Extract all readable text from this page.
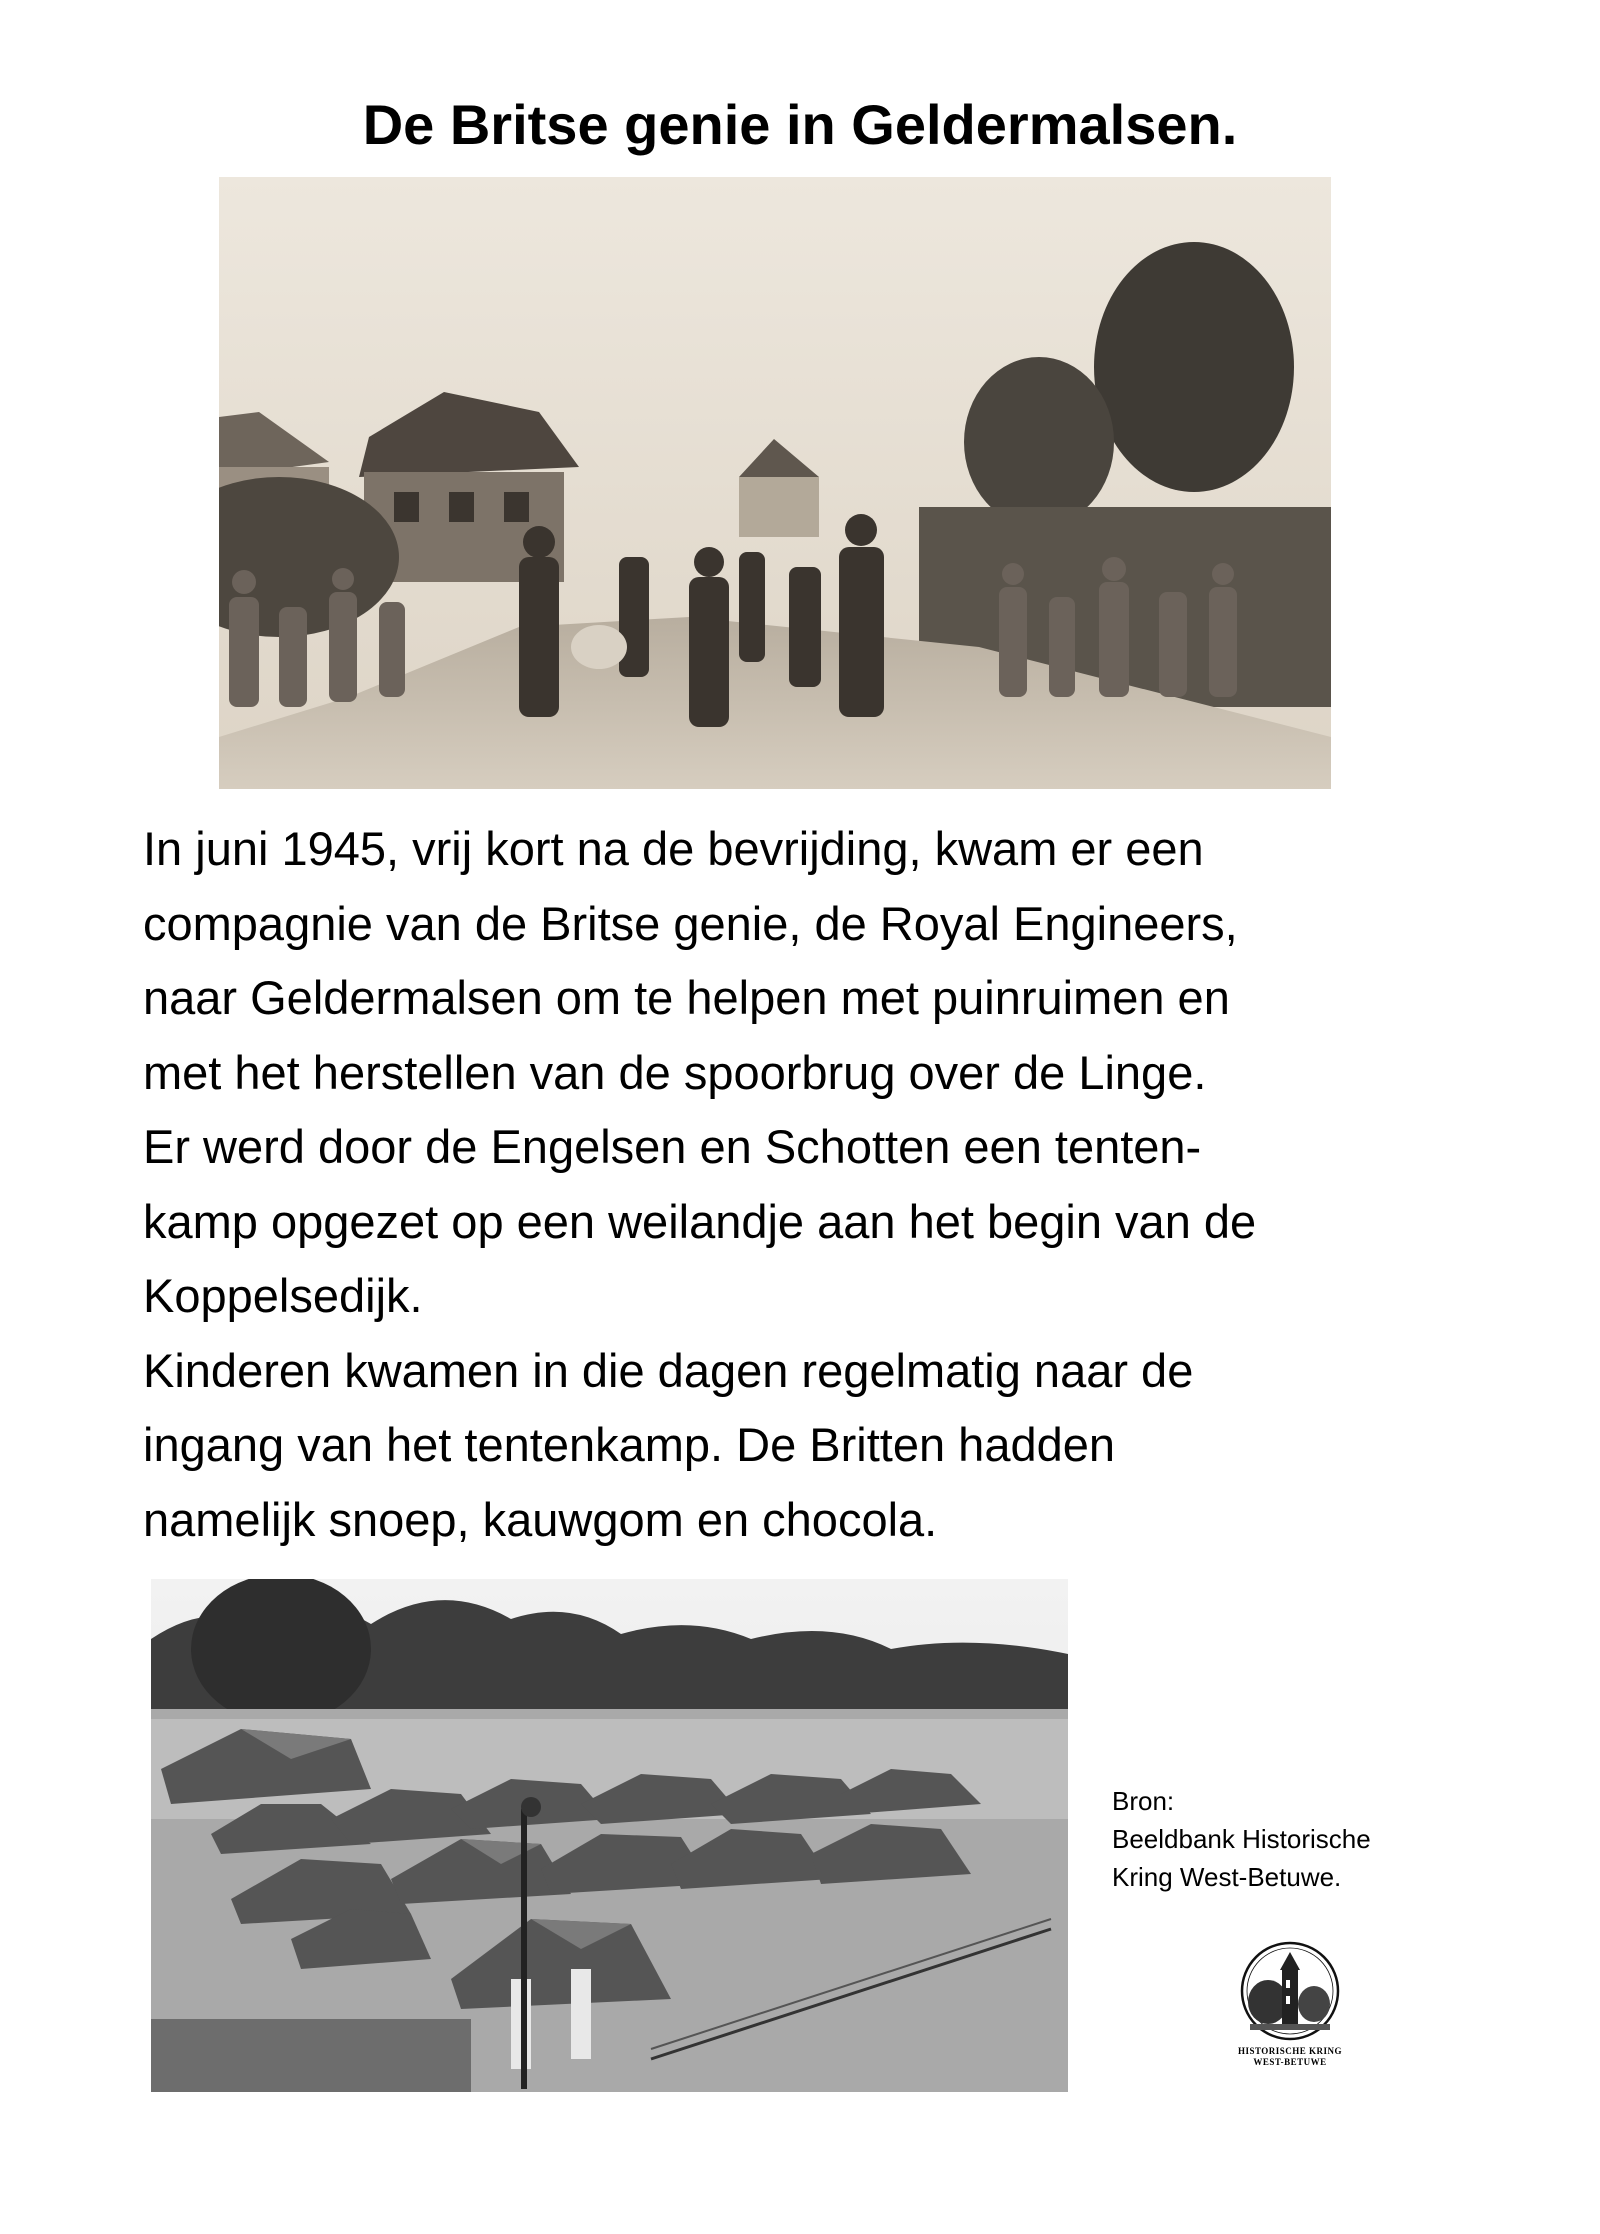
De Britse genie in Geldermalsen.

In juni 1945, vrij kort na de bevrijding, kwam er een
compagnie van de Britse genie, de Royal Engineers,
naar Geldermalsen om te helpen met puinruimen en
met het herstellen van de spoorbrug over de Linge.

Er werd door de Engelsen en Schotten een tenten-
kamp opgezet op een weilandje aan het begin van de
Koppelsedijk.

Kinderen kwamen in die dagen regelmatig naar de
ingang van het tentenkamp. De Britten hadden
namelijk snoep, kauwgom en chocola.

Bron:
Beeldbank Historische
Kring West-Betuwe.
HISTORISCHE KRING
WEST-BETUWE
